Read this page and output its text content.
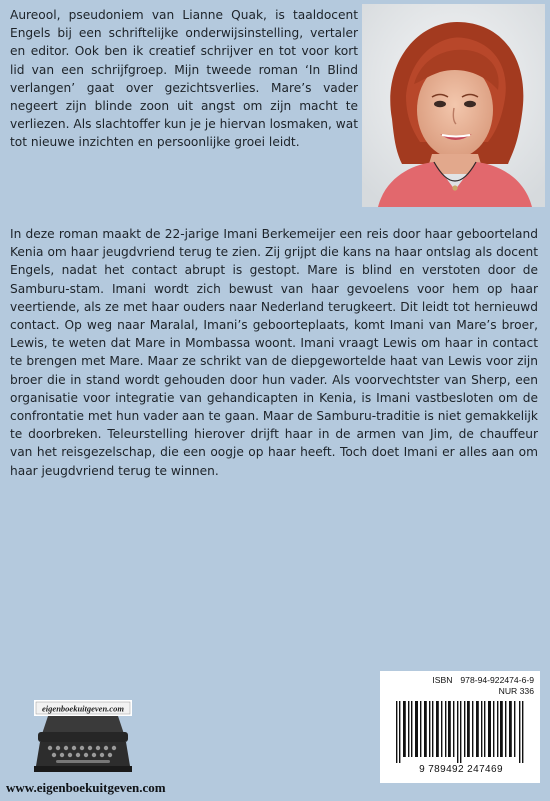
Aureool, pseudoniem van Lianne Quak, is taaldocent Engels bij een schriftelijke onderwijsinstelling, vertaler en editor. Ook ben ik creatief schrijver en tot voor kort lid van een schrijfgroep. Mijn tweede roman ‘In Blind verlangen’ gaat over gezichtsverlies. Mare’s vader negeert zijn blinde zoon uit angst om zijn macht te verliezen. Als slachtoffer kun je je hiervan losmaken, wat tot nieuwe inzichten en persoonlijke groei leidt.

In deze roman maakt de 22-jarige Imani Berkemeijer een reis door haar geboorteland Kenia om haar jeugdvriend terug te zien. Zij grijpt die kans na haar ontslag als docent Engels, nadat het contact abrupt is gestopt. Mare is blind en verstoten door de Samburu-stam. Imani wordt zich bewust van haar gevoelens voor hem op haar veertiende, als ze met haar ouders naar Nederland terugkeert. Dit leidt tot hernieuwd contact. Op weg naar Maralal, Imani’s geboorteplaats, komt Imani van Mare’s broer, Lewis, te weten dat Mare in Mombassa woont. Imani vraagt Lewis om haar in contact te brengen met Mare. Maar ze schrikt van de diepgewortelde haat van Lewis voor zijn broer die in stand wordt gehouden door hun vader. Als voorvechtster van Sherp, een organisatie voor integratie van gehandicapten in Kenia, is Imani vastbesloten om de confrontatie met hun vader aan te gaan. Maar de Samburu-traditie is niet gemakkelijk te doorbreken. Teleurstelling hierover drijft haar in de armen van Jim, de chauffeur van het reisgezelschap, die een oogje op haar heeft. Toch doet Imani er alles aan om haar jeugdvriend terug te winnen.

ISBN 978-94-922474-6-9
NUR 336
9 789492 247469
eigenboekuitgeven.com
www.eigenboekuitgeven.com
